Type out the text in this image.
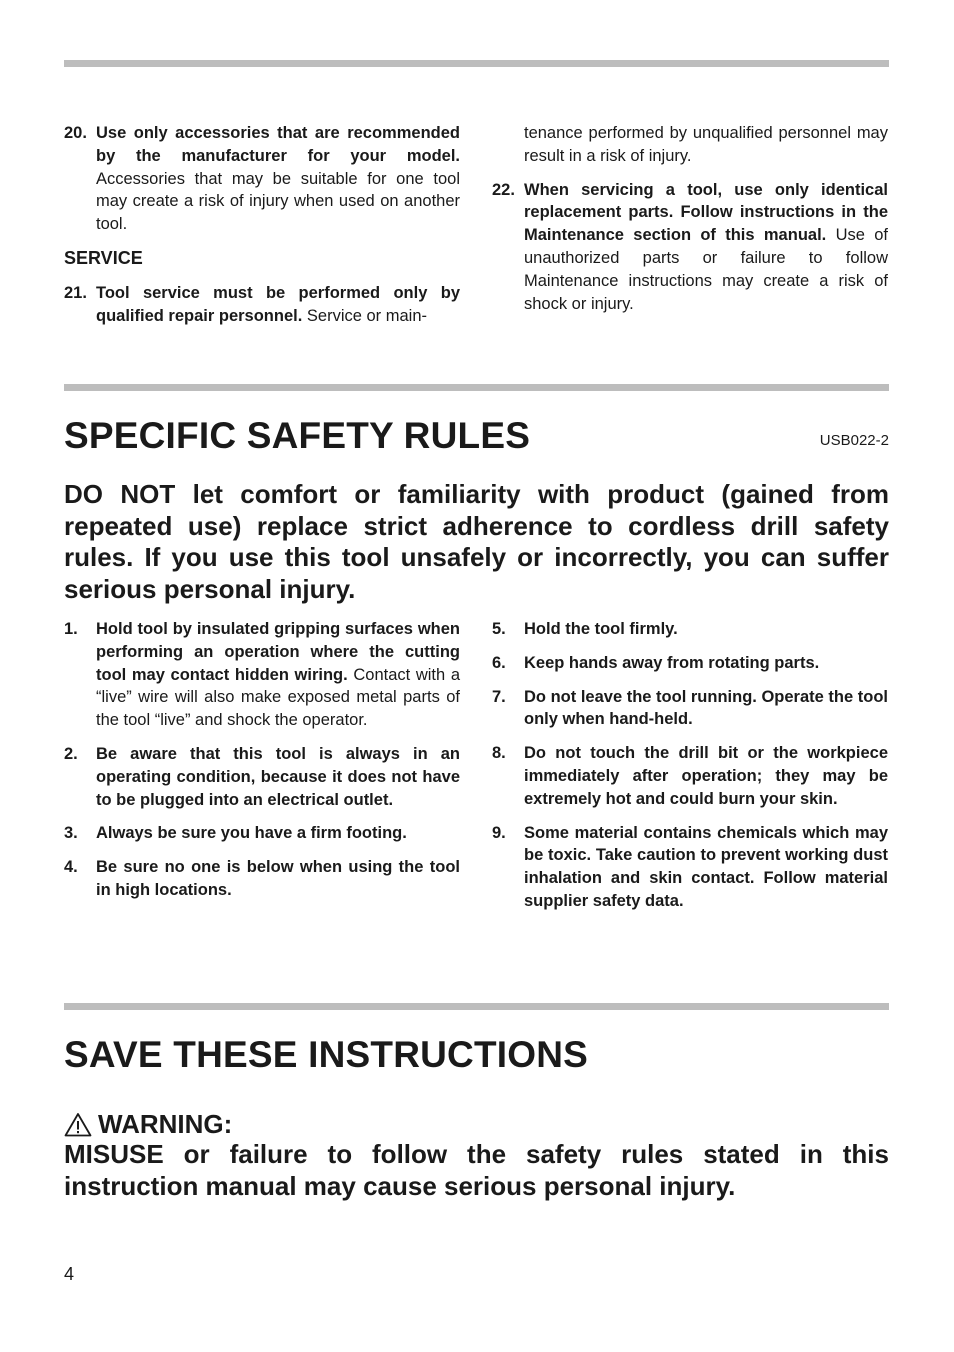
20. Use only accessories that are recommended by the manufacturer for your model. Accessories that may be suitable for one tool may create a risk of injury when used on another tool.
SERVICE
21. Tool service must be performed only by qualified repair personnel. Service or main-
tenance performed by unqualified personnel may result in a risk of injury.
22. When servicing a tool, use only identical replacement parts. Follow instructions in the Maintenance section of this manual. Use of unauthorized parts or failure to follow Maintenance instructions may create a risk of shock or injury.
SPECIFIC SAFETY RULES	USB022-2
DO NOT let comfort or familiarity with product (gained from repeated use) replace strict adherence to cordless drill safety rules. If you use this tool unsafely or incorrectly, you can suffer serious personal injury.
1.	Hold tool by insulated gripping surfaces when performing an operation where the cutting tool may contact hidden wiring. Contact with a “live” wire will also make exposed metal parts of the tool “live” and shock the operator.
2.	Be aware that this tool is always in an operating condition, because it does not have to be plugged into an electrical outlet.
3.	Always be sure you have a firm footing.
4.	Be sure no one is below when using the tool in high locations.
5.	Hold the tool firmly.
6.	Keep hands away from rotating parts.
7.	Do not leave the tool running. Operate the tool only when hand-held.
8.	Do not touch the drill bit or the workpiece immediately after operation; they may be extremely hot and could burn your skin.
9.	Some material contains chemicals which may be toxic. Take caution to prevent working dust inhalation and skin contact. Follow material supplier safety data.
SAVE THESE INSTRUCTIONS
WARNING:
MISUSE or failure to follow the safety rules stated in this instruction manual may cause serious personal injury.
4
